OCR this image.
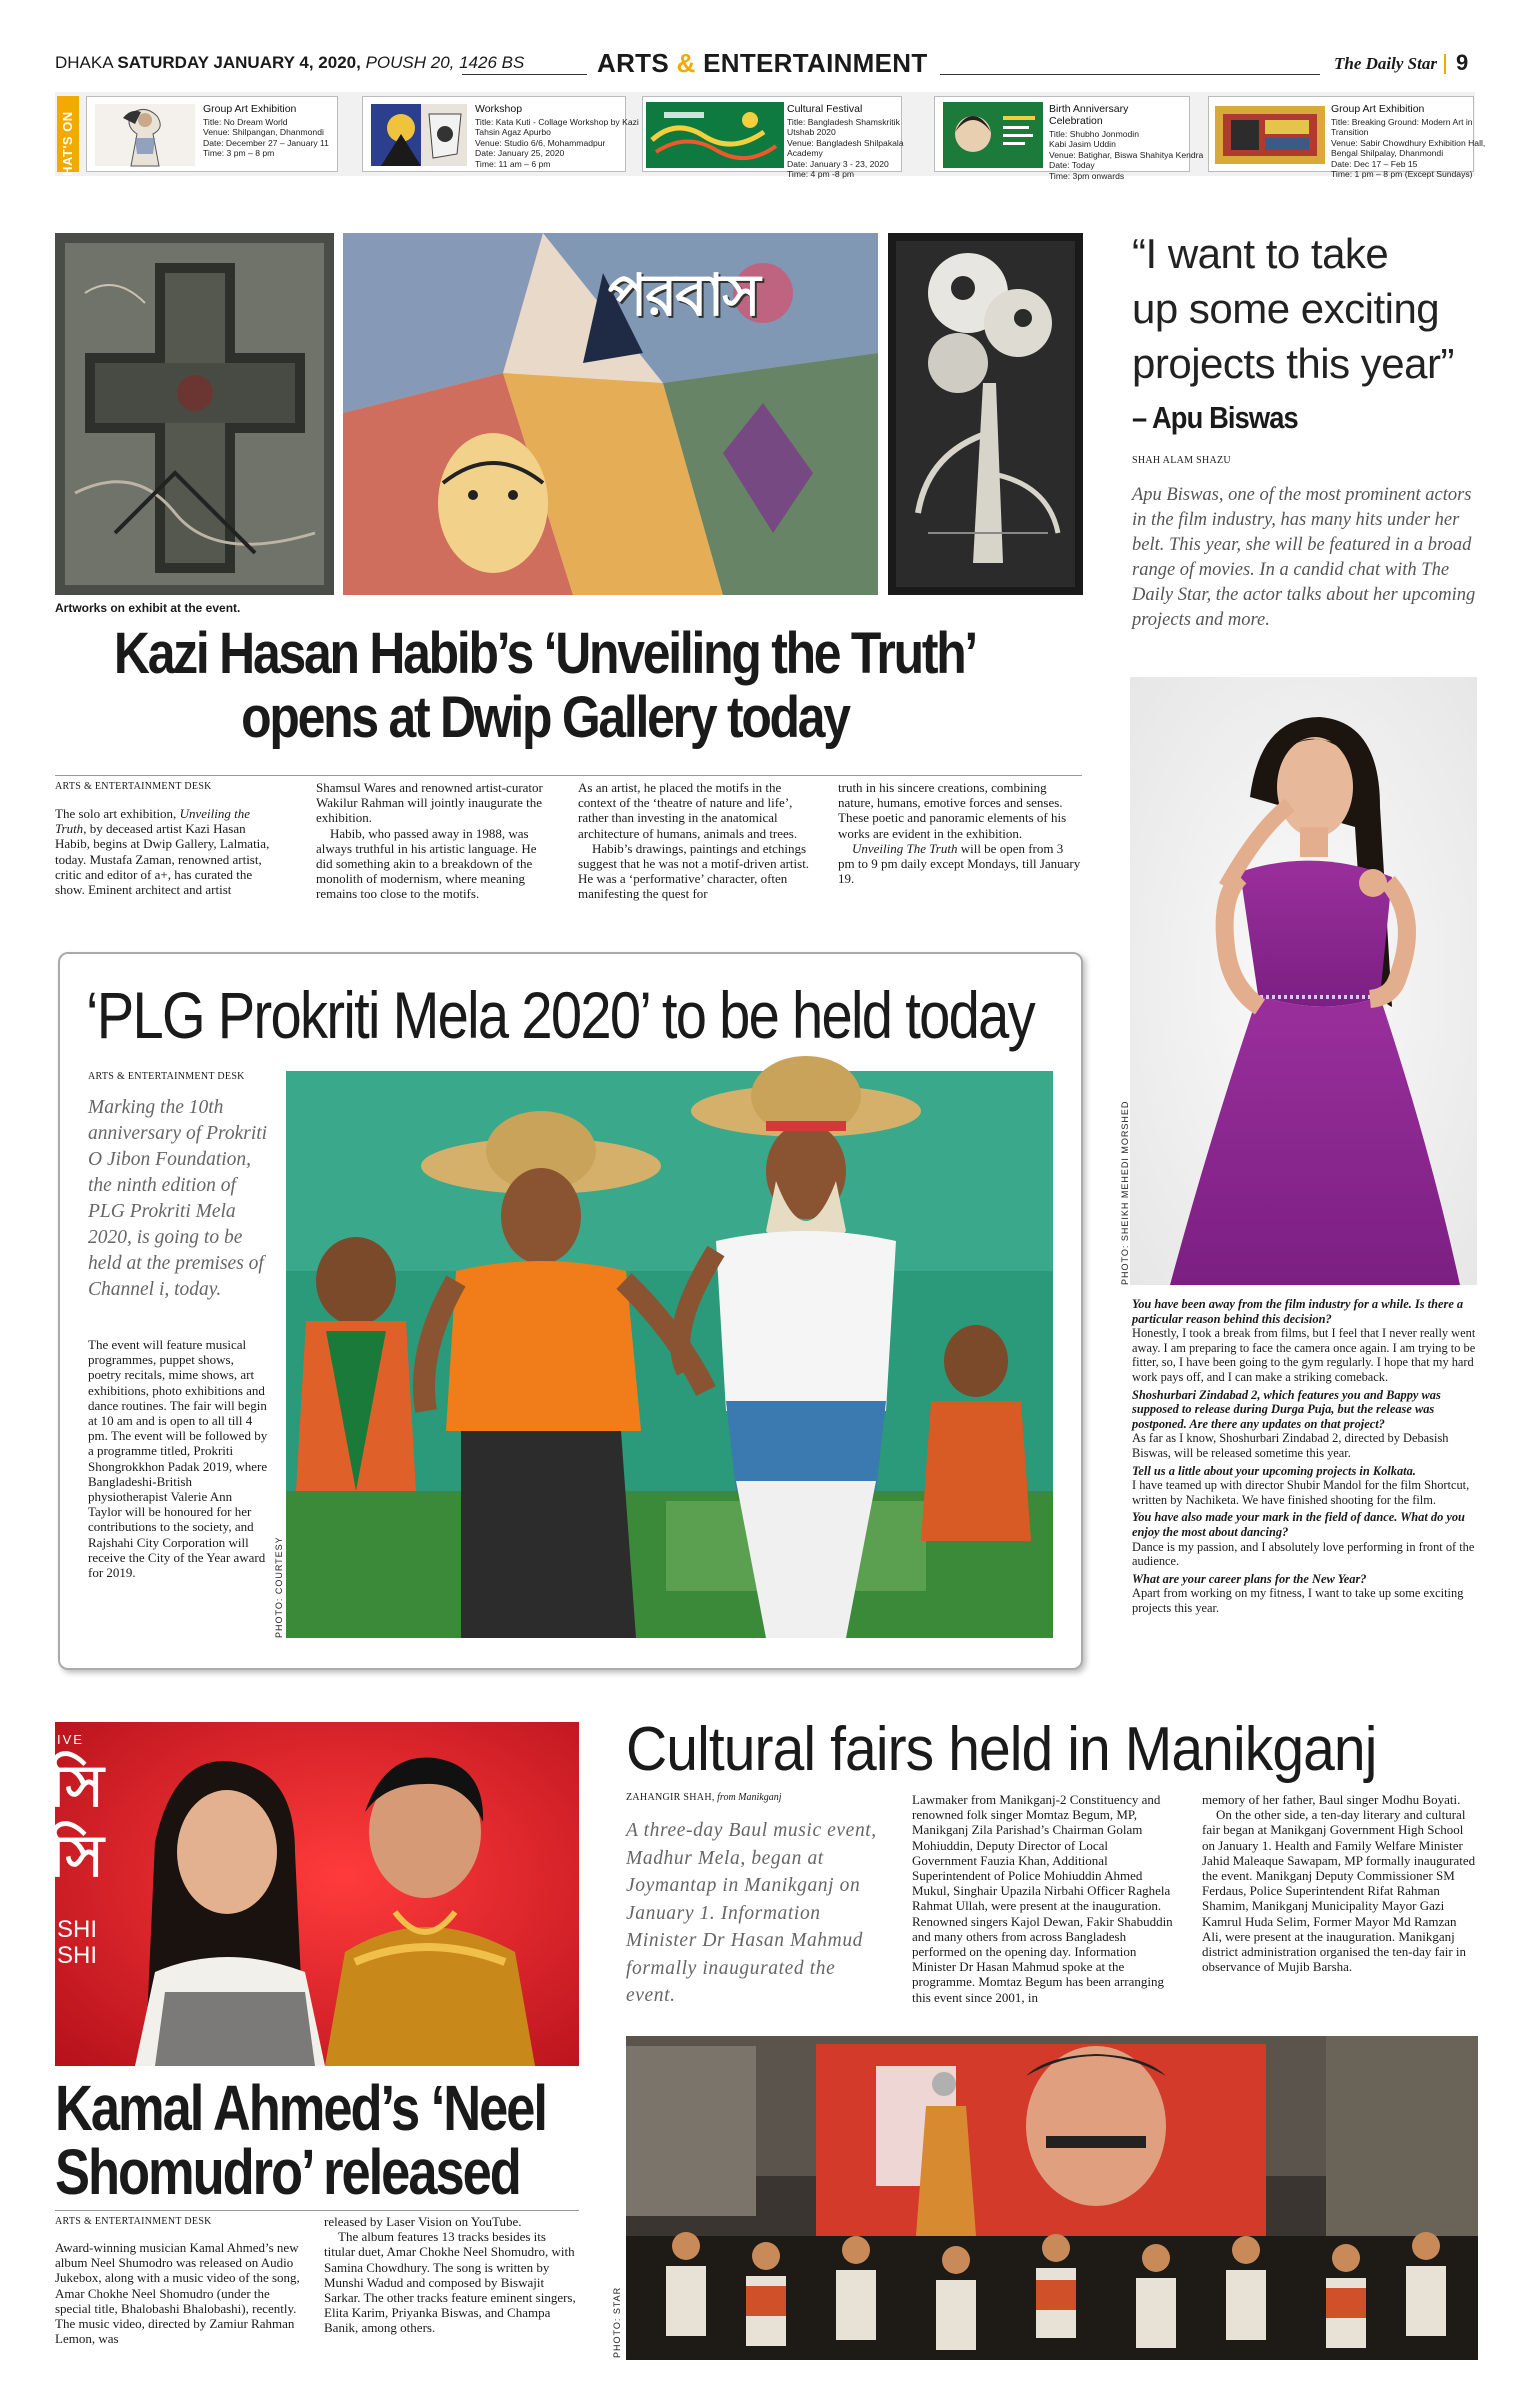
DHAKA SATURDAY JANUARY 4, 2020, POUSH 20, 1426 BS	ARTS & ENTERTAINMENT	The Daily Star 9
WHAT'S ON
Group Art Exhibition
Title: No Dream World
Venue: Shilpangan, Dhanmondi
Date: December 27 – January 11
Time: 3 pm – 8 pm
Workshop
Title: Kata Kuti - Collage Workshop by Kazi
Tahsin Agaz Apurbo
Venue: Studio 6/6, Mohammadpur
Date: January 25, 2020
Time: 11 am – 6 pm
Cultural Festival
Title: Bangladesh Shamskritik
Utshab 2020
Venue: Bangladesh Shilpakala
Academy
Date: January 3 - 23, 2020
Time: 4 pm -8 pm
Birth Anniversary
Celebration
Title: Shubho Jonmodin
Kabi Jasim Uddin
Venue: Batighar, Biswa Shahitya Kendra
Date: Today
Time: 3pm onwards
Group Art Exhibition
Title: Breaking Ground: Modern Art in
Transition
Venue: Sabir Chowdhury Exhibition Hall,
Bengal Shilpalay, Dhanmondi
Date: Dec 17 – Feb 15
Time: 1 pm – 8 pm (Except Sundays)
পরবাস
Artworks on exhibit at the event.
Kazi Hasan Habib’s ‘Unveiling the Truth’
opens at Dwip Gallery today
ARTS & ENTERTAINMENT DESK

The solo art exhibition, Unveiling the Truth, by deceased artist Kazi Hasan Habib, begins at Dwip Gallery, Lalmatia, today. Mustafa Zaman, renowned artist, critic and editor of a+, has curated the show. Eminent architect and artist

Shamsul Wares and renowned artist-curator Wakilur Rahman will jointly inaugurate the exhibition.

Habib, who passed away in 1988, was always truthful in his artistic language. He did something akin to a breakdown of the monolith of modernism, where meaning remains too close to the motifs.

As an artist, he placed the motifs in the context of the ‘theatre of nature and life’, rather than investing in the anatomical architecture of humans, animals and trees.

Habib’s drawings, paintings and etchings suggest that he was not a motif-driven artist. He was a ‘performative’ character, often manifesting the quest for

truth in his sincere creations, combining nature, humans, emotive forces and senses. These poetic and panoramic elements of his works are evident in the exhibition.

Unveiling The Truth will be open from 3 pm to 9 pm daily except Mondays, till January 19.

“I want to take
up some exciting
projects this year”
– Apu Biswas
SHAH ALAM SHAZU
Apu Biswas, one of the most prominent actors in the film industry, has many hits under her belt. This year, she will be featured in a broad range of movies. In a candid chat with The Daily Star, the actor talks about her upcoming projects and more.
PHOTO: SHEIKH MEHEDI MORSHED

You have been away from the film industry for a while. Is there a particular reason behind this decision?

Honestly, I took a break from films, but I feel that I never really went away. I am preparing to face the camera once again. I am trying to be fitter, so, I have been going to the gym regularly. I hope that my hard work pays off, and I can make a striking comeback.

Shoshurbari Zindabad 2, which features you and Bappy was supposed to release during Durga Puja, but the release was postponed. Are there any updates on that project?

As far as I know, Shoshurbari Zindabad 2, directed by Debasish Biswas, will be released sometime this year.

Tell us a little about your upcoming projects in Kolkata.

I have teamed up with director Shubir Mandol for the film Shortcut, written by Nachiketa. We have finished shooting for the film.

You have also made your mark in the field of dance. What do you enjoy the most about dancing?

Dance is my passion, and I absolutely love performing in front of the audience.

What are your career plans for the New Year?

Apart from working on my fitness, I want to take up some exciting projects this year.

‘PLG Prokriti Mela 2020’ to be held today
ARTS & ENTERTAINMENT DESK
Marking the 10th anniversary of Prokriti O Jibon Foundation, the ninth edition of PLG Prokriti Mela 2020, is going to be held at the premises of Channel i, today.

The event will feature musical programmes, puppet shows, poetry recitals, mime shows, art exhibitions, photo exhibitions and dance routines. The fair will begin at 10 am and is open to all till 4 pm. The event will be followed by a programme titled, Prokriti Shongrokkhon Padak 2019, where Bangladeshi-British physiotherapist Valerie Ann Taylor will be honoured for her contributions to the society, and Rajshahi City Corporation will receive the City of the Year award for 2019.	PHOTO: COURTESY
IVE
সি
সি
SHI
SHI
Kamal Ahmed’s ‘Neel
Shomudro’ released
ARTS & ENTERTAINMENT DESK

Award-winning musician Kamal Ahmed’s new album Neel Shumodro was released on Audio Jukebox, along with a music video of the song, Amar Chokhe Neel Shomudro (under the special title, Bhalobashi Bhalobashi), recently. The music video, directed by Zamiur Rahman Lemon, was

released by Laser Vision on YouTube.

The album features 13 tracks besides its titular duet, Amar Chokhe Neel Shomudro, with Samina Chowdhury. The song is written by Munshi Wadud and composed by Biswajit Sarkar. The other tracks feature eminent singers, Elita Karim, Priyanka Biswas, and Champa Banik, among others.

Cultural fairs held in Manikganj
ZAHANGIR SHAH, from Manikganj
A three-day Baul music event, Madhur Mela, began at Joymantap in Manikganj on January 1. Information Minister Dr Hasan Mahmud formally inaugurated the event.

Lawmaker from Manikganj-2 Constituency and renowned folk singer Momtaz Begum, MP, Manikganj Zila Parishad’s Chairman Golam Mohiuddin, Deputy Director of Local Government Fauzia Khan, Additional Superintendent of Police Mohiuddin Ahmed Mukul, Singhair Upazila Nirbahi Officer Raghela Rahmat Ullah, were present at the inauguration. Renowned singers Kajol Dewan, Fakir Shabuddin and many others from across Bangladesh performed on the opening day. Information Minister Dr Hasan Mahmud spoke at the programme. Momtaz Begum has been arranging this event since 2001, in

memory of her father, Baul singer Modhu Boyati.

On the other side, a ten-day literary and cultural fair began at Manikganj Government High School on January 1. Health and Family Welfare Minister Jahid Maleaque Sawapam, MP formally inaugurated the event. Manikganj Deputy Commissioner SM Ferdaus, Police Superintendent Rifat Rahman Shamim, Manikganj Municipality Mayor Gazi Kamrul Huda Selim, Former Mayor Md Ramzan Ali, were present at the inauguration. Manikganj district administration organised the ten-day fair in observance of Mujib Barsha.

PHOTO: STAR
